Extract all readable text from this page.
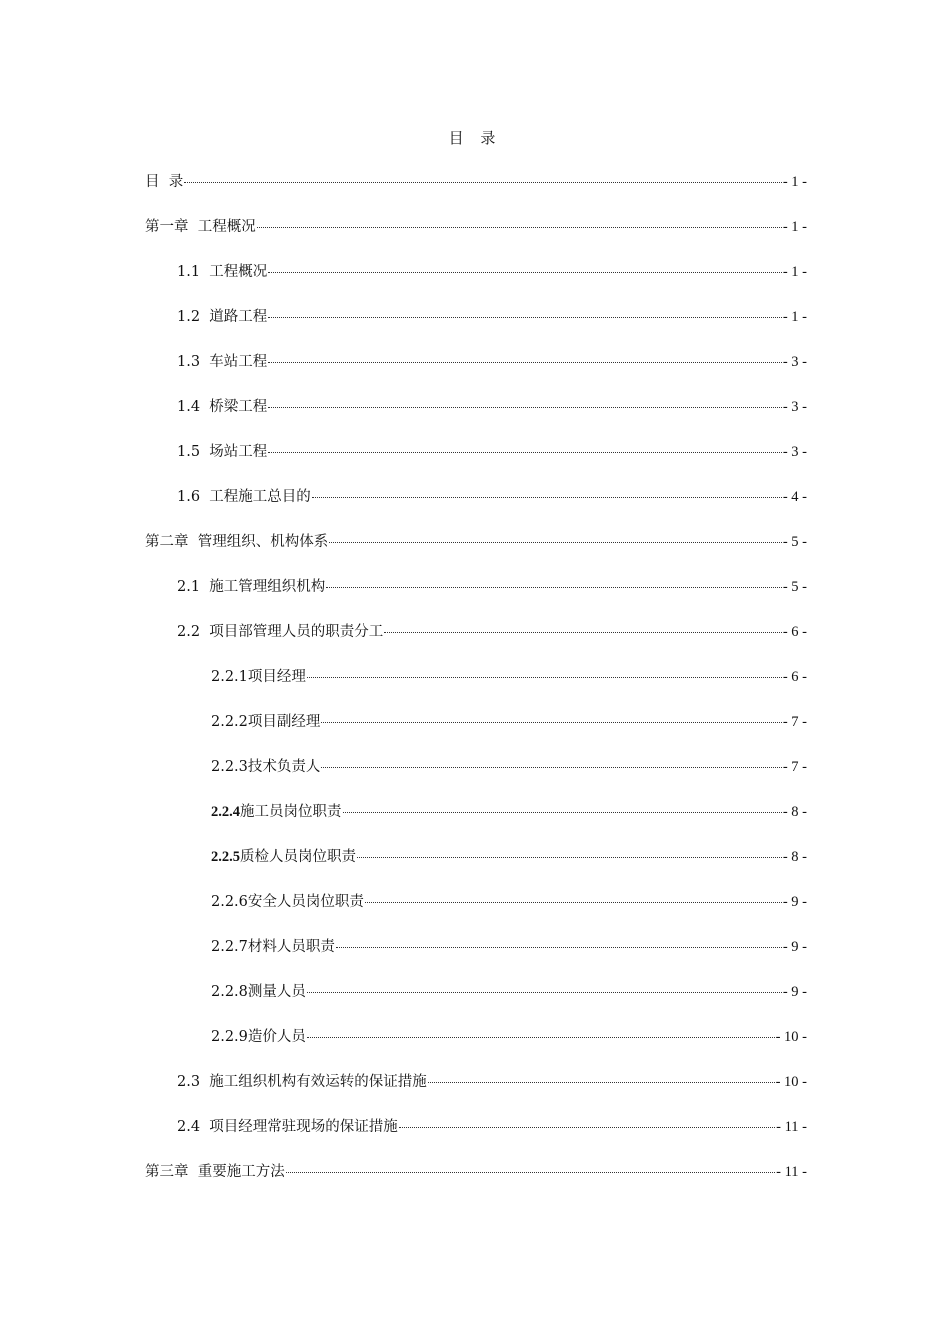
目 录
目  录	- 1 -
第一章 工程概况	- 1 -
1.1 工程概况	- 1 -
1.2 道路工程	- 1 -
1.3 车站工程	- 3 -
1.4 桥梁工程	- 3 -
1.5 场站工程	- 3 -
1.6 工程施工总目的	- 4 -
第二章 管理组织、机构体系	- 5 -
2.1 施工管理组织机构	- 5 -
2.2 项目部管理人员的职责分工	- 6 -
2.2.1 项目经理	- 6 -
2.2.2 项目副经理	- 7 -
2.2.3 技术负责人	- 7 -
2.2.4 施工员岗位职责	- 8 -
2.2.5 质检人员岗位职责	- 8 -
2.2.6 安全人员岗位职责	- 9 -
2.2.7 材料人员职责	- 9 -
2.2.8 测量人员	- 9 -
2.2.9 造价人员	- 10 -
2.3 施工组织机构有效运转的保证措施	- 10 -
2.4 项目经理常驻现场的保证措施	- 11 -
第三章 重要施工方法	- 11 -
